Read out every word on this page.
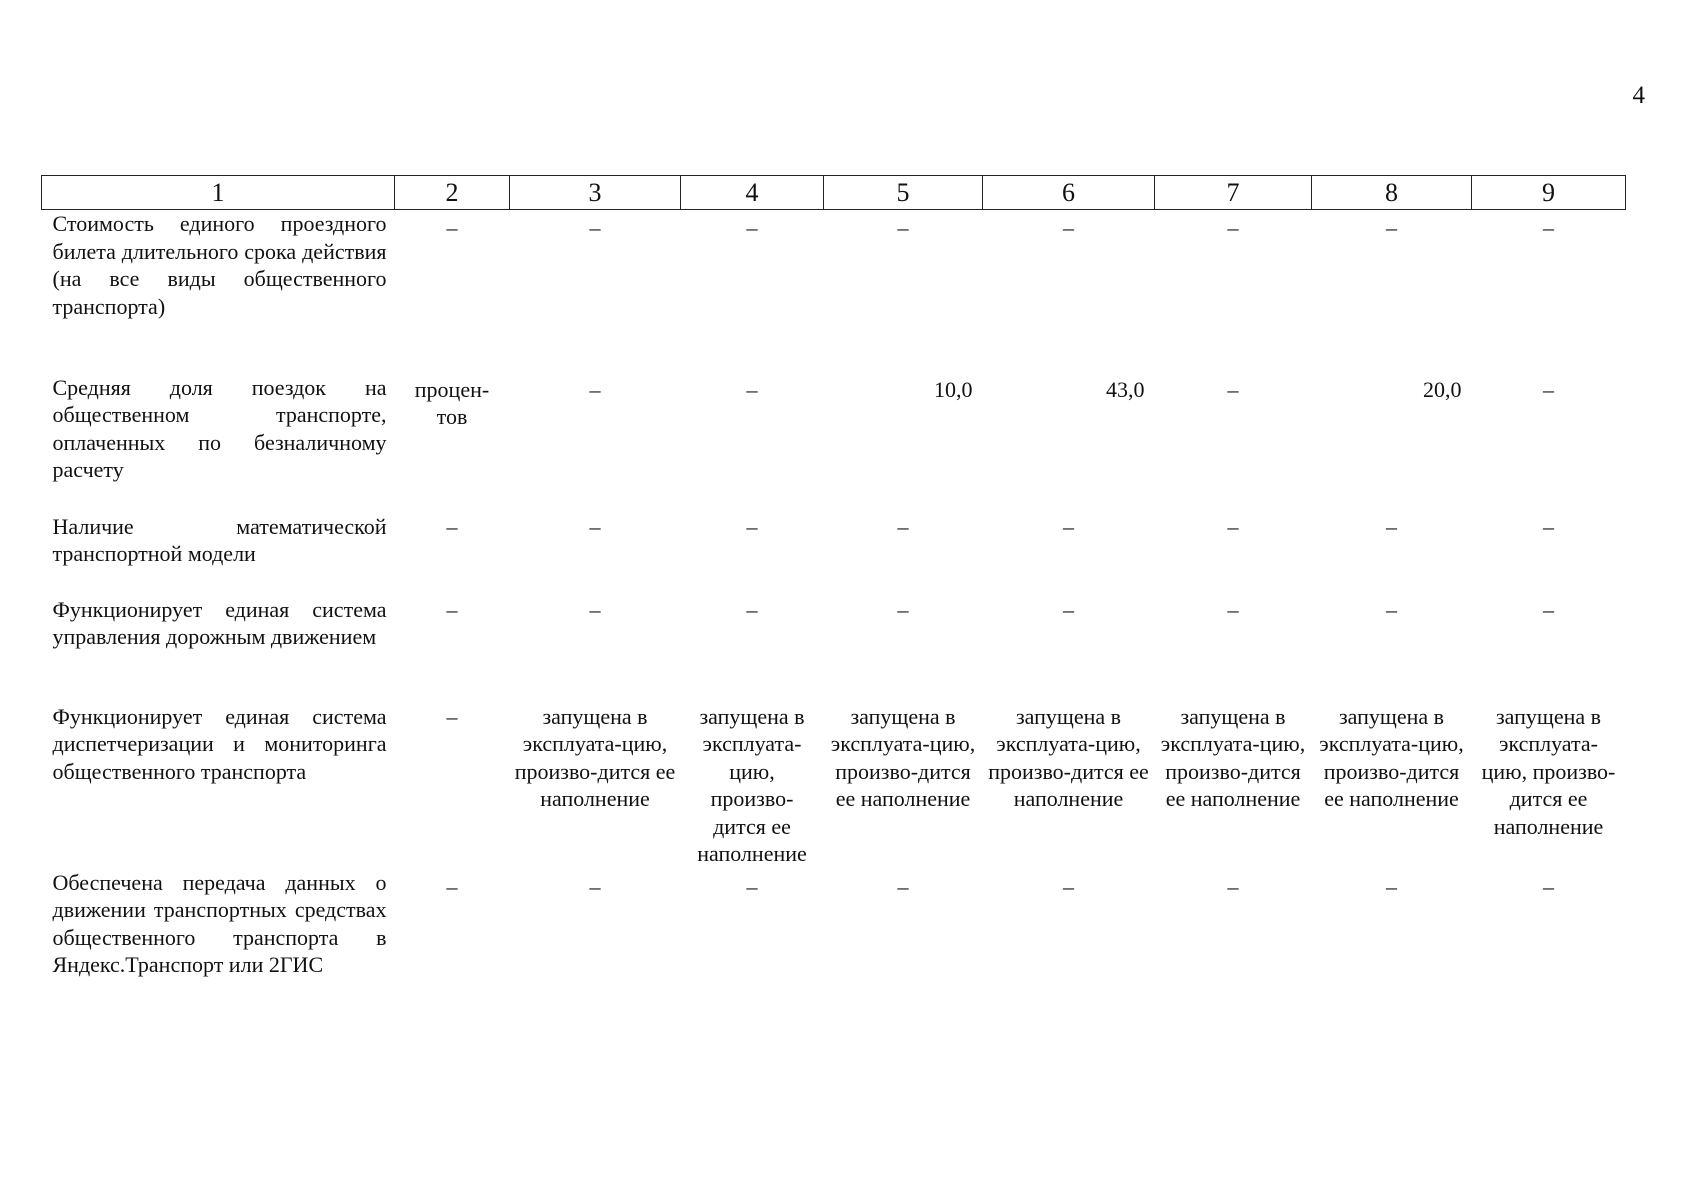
4
1	2	3	4	5	6	7	8	9
Стоимость единого проездного билета длительного срока действия (на все виды общественного транспорта)	–	–	–	–	–	–	–	–
Средняя доля поездок на общественном транспорте, оплаченных по безналичному расчету	процен-тов	–	–	10,0	43,0	–	20,0	–
Наличие математической транспортной модели	–	–	–	–	–	–	–	–
Функционирует единая система управления дорожным движением	–	–	–	–	–	–	–	–
Функционирует единая система диспетчеризации и мониторинга общественного транспорта	–	запущена в эксплуата-цию, произво-дится ее наполнение	запущена в эксплуата-цию, произво-дится ее наполнение	запущена в эксплуата-цию, произво-дится ее наполнение	запущена в эксплуата-цию, произво-дится ее наполнение	запущена в эксплуата-цию, произво-дится ее наполнение	запущена в эксплуата-цию, произво-дится ее наполнение	запущена в эксплуата-цию, произво-дится ее наполнение
Обеспечена передача данных о движении транспортных средствах общественного транспорта в Яндекс.Транспорт или 2ГИС	–	–	–	–	–	–	–	–
